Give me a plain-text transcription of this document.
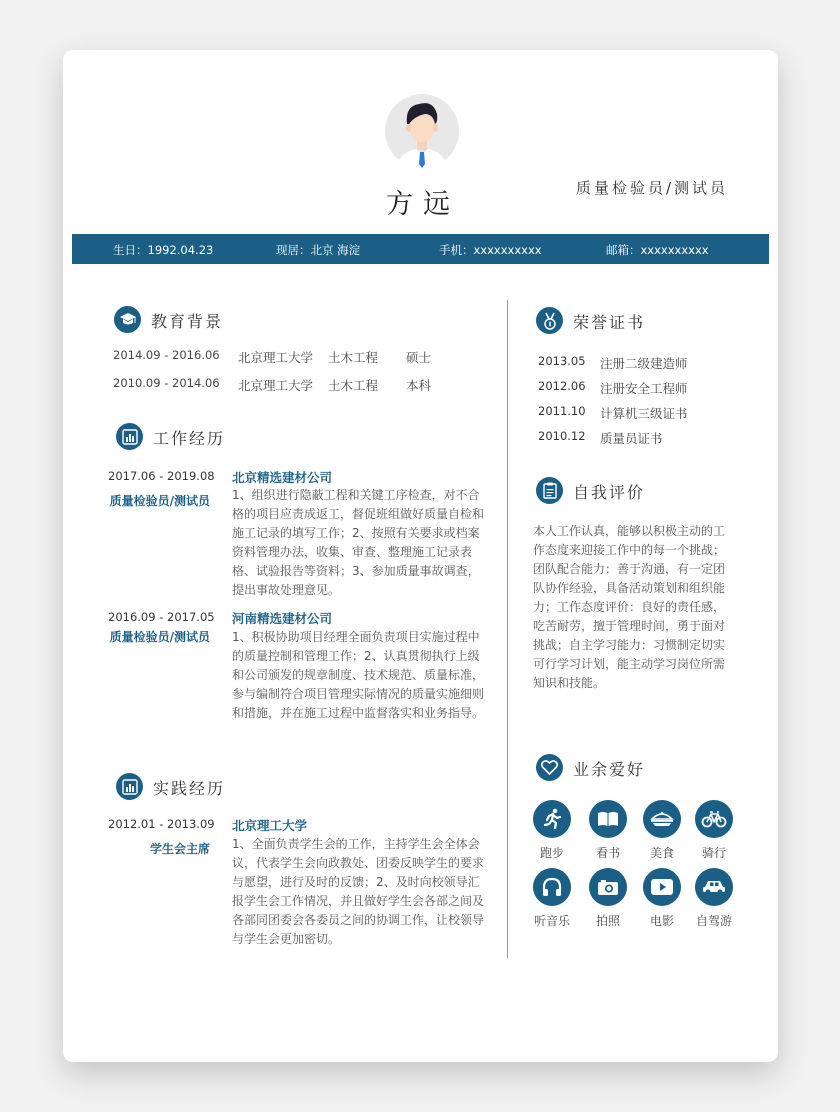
方远
质量检验员/测试员
生日：1992.04.23	现居：北京 海淀	手机：xxxxxxxxxx	邮箱：xxxxxxxxxx
教育背景
2014.09 - 2016.06 北京理工大学 土木工程 硕士
2010.09 - 2014.06 北京理工大学 土木工程 本科
工作经历
2017.06 - 2019.08
质量检验员/测试员
北京精选建材公司
1、组织进行隐蔽工程和关键工序检查，对不合格的项目应责成返工，督促班组做好质量自检和施工记录的填写工作；2、按照有关要求或档案资料管理办法，收集、审查、整理施工记录表格、试验报告等资料；3、参加质量事故调查，提出事故处理意见。
2016.09 - 2017.05
质量检验员/测试员
河南精选建材公司
1、积极协助项目经理全面负责项目实施过程中的质量控制和管理工作；2、认真贯彻执行上级和公司颁发的规章制度、技术规范、质量标准，参与编制符合项目管理实际情况的质量实施细则和措施，并在施工过程中监督落实和业务指导。
实践经历
2012.01 - 2013.09
学生会主席
北京理工大学
1、全面负责学生会的工作，主持学生会全体会议，代表学生会向政教处、团委反映学生的要求与愿望，进行及时的反馈；2、及时向校领导汇报学生会工作情况，并且做好学生会各部之间及各部同团委会各委员之间的协调工作，让校领导与学生会更加密切。
荣誉证书
2013.05 注册二级建造师
2012.06 注册安全工程师
2011.10 计算机三级证书
2010.12 质量员证书
自我评价
本人工作认真，能够以积极主动的工作态度来迎接工作中的每一个挑战；团队配合能力：善于沟通，有一定团队协作经验，具备活动策划和组织能力；工作态度评价：良好的责任感，吃苦耐劳，擅于管理时间，勇于面对挑战；自主学习能力：习惯制定切实可行学习计划，能主动学习岗位所需知识和技能。
业余爱好
跑步	看书	美食	骑行
听音乐	拍照	电影	自驾游
